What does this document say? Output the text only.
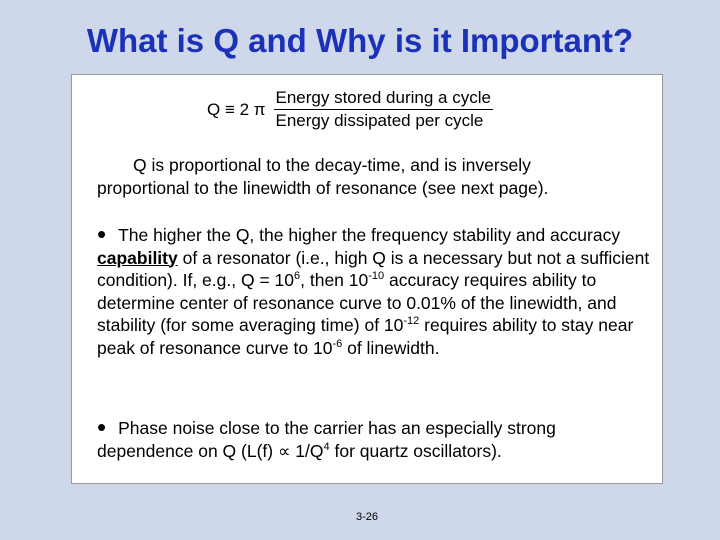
What is Q and Why is it Important?
Q ≡ 2 π $\frac{\text{Energy stored during a cycle}}{\text{Energy dissipated per cycle}}$

Q is proportional to the decay-time, and is inversely
proportional to the linewidth of resonance (see next page).

• The higher the Q, the higher the frequency stability and accuracy capability of a resonator (i.e., high Q is a necessary but not a sufficient condition). If, e.g., $Q = 10^6$, then $10^{-10}$ accuracy requires ability to determine center of resonance curve to 0.01% of the linewidth, and stability (for some averaging time) of $10^{-12}$ requires ability to stay near peak of resonance curve to $10^{-6}$ of linewidth.

• Phase noise close to the carrier has an especially strong dependence on Q ($L(f) \propto 1/Q^4$ for quartz oscillators).

3-26
